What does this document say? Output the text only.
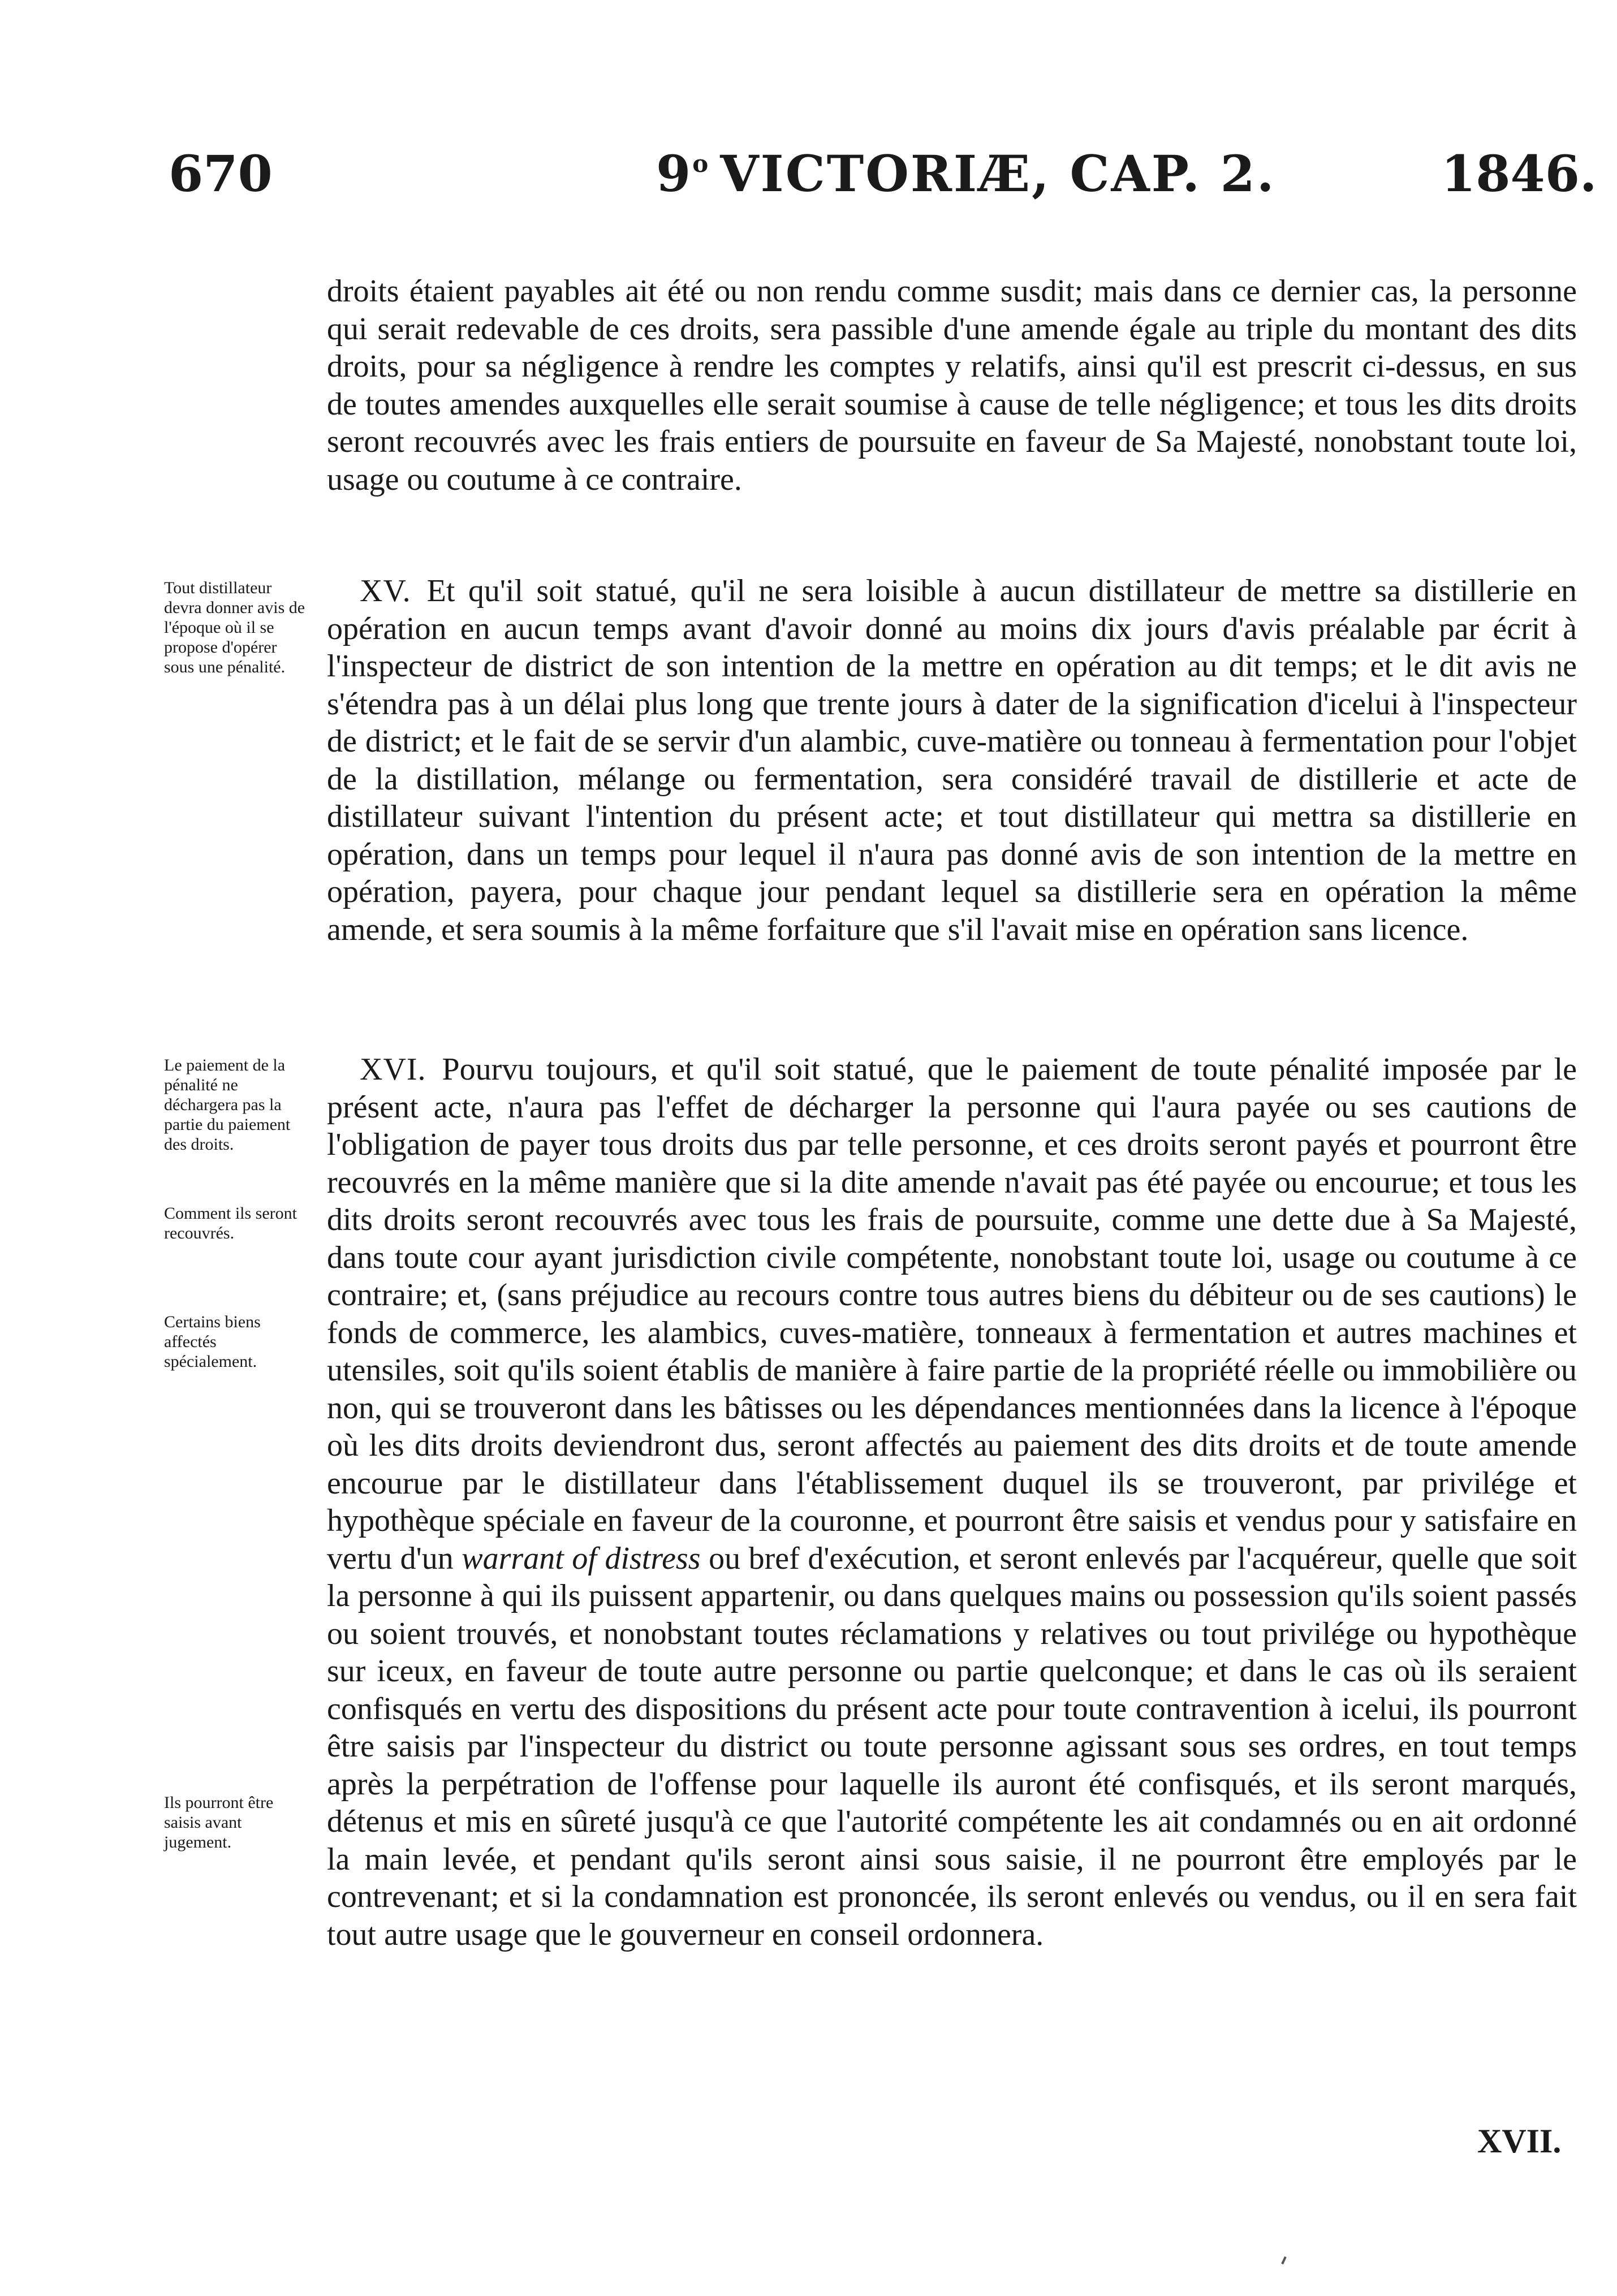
670	9$^o$ VICTORIÆ, CAP. 2.	1846.

droits étaient payables ait été ou non rendu comme susdit; mais dans ce dernier cas, la personne qui serait redevable de ces droits, sera passible d'une amende égale au triple du montant des dits droits, pour sa négligence à rendre les comptes y relatifs, ainsi qu'il est prescrit ci-dessus, en sus de toutes amendes auxquelles elle serait soumise à cause de telle négligence; et tous les dits droits seront recouvrés avec les frais entiers de poursuite en faveur de Sa Majesté, nonobstant toute loi, usage ou coutume à ce contraire.

XV. Et qu'il soit statué, qu'il ne sera loisible à aucun distillateur de mettre sa distillerie en opération en aucun temps avant d'avoir donné au moins dix jours d'avis préalable par écrit à l'inspecteur de district de son intention de la mettre en opération au dit temps; et le dit avis ne s'étendra pas à un délai plus long que trente jours à dater de la signification d'icelui à l'inspecteur de district; et le fait de se servir d'un alambic, cuve-matière ou tonneau à fermentation pour l'objet de la distillation, mélange ou fermentation, sera considéré travail de distillerie et acte de distillateur suivant l'intention du présent acte; et tout distillateur qui mettra sa distillerie en opération, dans un temps pour lequel il n'aura pas donné avis de son intention de la mettre en opération, payera, pour chaque jour pendant lequel sa distillerie sera en opération la même amende, et sera soumis à la même forfaiture que s'il l'avait mise en opération sans licence.

XVI. Pourvu toujours, et qu'il soit statué, que le paiement de toute pénalité imposée par le présent acte, n'aura pas l'effet de décharger la personne qui l'aura payée ou ses cautions de l'obligation de payer tous droits dus par telle personne, et ces droits seront payés et pourront être recouvrés en la même manière que si la dite amende n'avait pas été payée ou encourue; et tous les dits droits seront recouvrés avec tous les frais de poursuite, comme une dette due à Sa Majesté, dans toute cour ayant jurisdiction civile compétente, nonobstant toute loi, usage ou coutume à ce contraire; et, (sans préjudice au recours contre tous autres biens du débiteur ou de ses cautions) le fonds de commerce, les alambics, cuves-matière, tonneaux à fermentation et autres machines et utensiles, soit qu'ils soient établis de manière à faire partie de la propriété réelle ou immobilière ou non, qui se trouveront dans les bâtisses ou les dépendances mentionnées dans la licence à l'époque où les dits droits deviendront dus, seront affectés au paiement des dits droits et de toute amende encourue par le distillateur dans l'établissement duquel ils se trouveront, par privilége et hypothèque spéciale en faveur de la couronne, et pourront être saisis et vendus pour y satisfaire en vertu d'un warrant of distress ou bref d'exécution, et seront enlevés par l'acquéreur, quelle que soit la personne à qui ils puissent appartenir, ou dans quelques mains ou possession qu'ils soient passés ou soient trouvés, et nonobstant toutes réclamations y relatives ou tout privilége ou hypothèque sur iceux, en faveur de toute autre personne ou partie quelconque; et dans le cas où ils seraient confisqués en vertu des dispositions du présent acte pour toute contravention à icelui, ils pourront être saisis par l'inspecteur du district ou toute personne agissant sous ses ordres, en tout temps après la perpétration de l'offense pour laquelle ils auront été confisqués, et ils seront marqués, détenus et mis en sûreté jusqu'à ce que l'autorité compétente les ait condamnés ou en ait ordonné la main levée, et pendant qu'ils seront ainsi sous saisie, il ne pourront être employés par le contrevenant; et si la condamnation est prononcée, ils seront enlevés ou vendus, ou il en sera fait tout autre usage que le gouverneur en conseil ordonnera.

Tout distillateur devra donner avis de l'époque où il se propose d'opérer sous une pénalité.
Le paiement de la pénalité ne déchargera pas la partie du paiement des droits.
Comment ils seront recouvrés.
Certains biens affectés spécialement.
Ils pourront être saisis avant jugement.
XVII.
